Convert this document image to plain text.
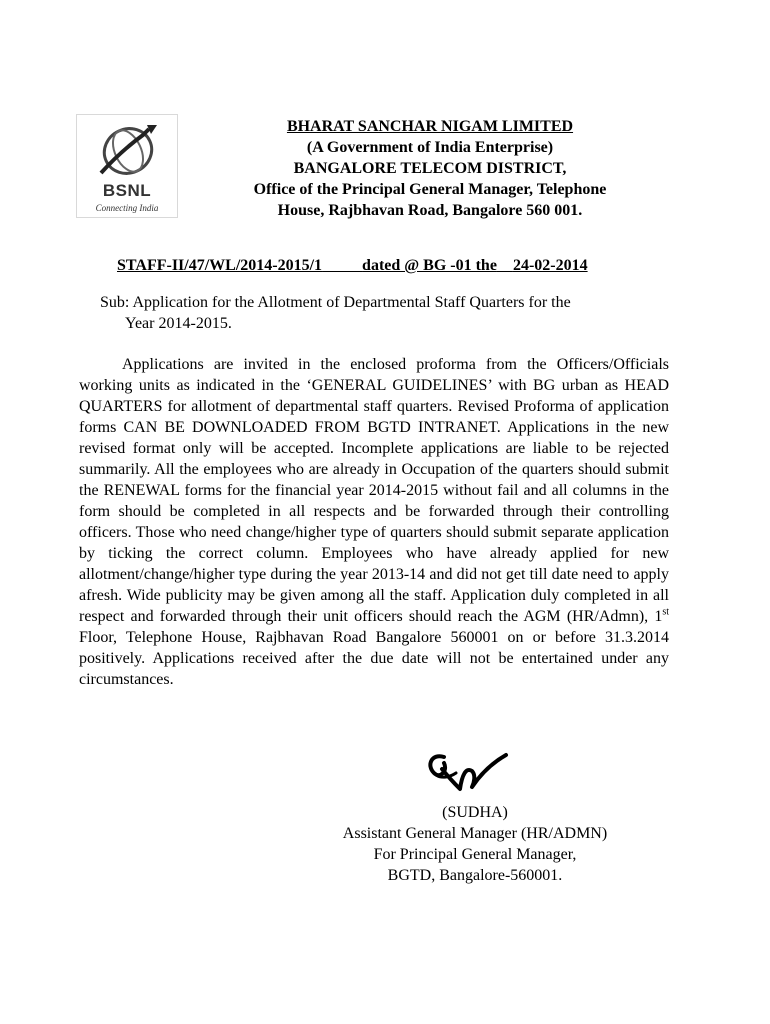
BSNL
Connecting India
BHARAT SANCHAR NIGAM LIMITED
(A Government of India Enterprise)
BANGALORE TELECOM DISTRICT,
Office of the Principal General Manager, Telephone
House, Rajbhavan Road, Bangalore 560 001.
STAFF-II/47/WL/2014-2015/1	dated @ BG -01 the 24-02-2014
Sub: Application for the Allotment of Departmental Staff Quarters for the
Year 2014-2015.
Applications are invited in the enclosed proforma from the Officers/Officials working units as indicated in the ‘GENERAL GUIDELINES’ with BG urban as HEAD QUARTERS for allotment of departmental staff quarters. Revised Proforma of application forms CAN BE DOWNLOADED FROM BGTD INTRANET. Applications in the new revised format only will be accepted. Incomplete applications are liable to be rejected summarily. All the employees who are already in Occupation of the quarters should submit the RENEWAL forms for the financial year 2014-2015 without fail and all columns in the form should be completed in all respects and be forwarded through their controlling officers. Those who need change/higher type of quarters should submit separate application by ticking the correct column. Employees who have already applied for new allotment/change/higher type during the year 2013-14 and did not get till date need to apply afresh. Wide publicity may be given among all the staff. Application duly completed in all respect and forwarded through their unit officers should reach the AGM (HR/Admn), 1st Floor, Telephone House, Rajbhavan Road Bangalore 560001 on or before 31.3.2014 positively. Applications received after the due date will not be entertained under any circumstances.
(SUDHA)
Assistant General Manager (HR/ADMN)
For Principal General Manager,
BGTD, Bangalore-560001.
